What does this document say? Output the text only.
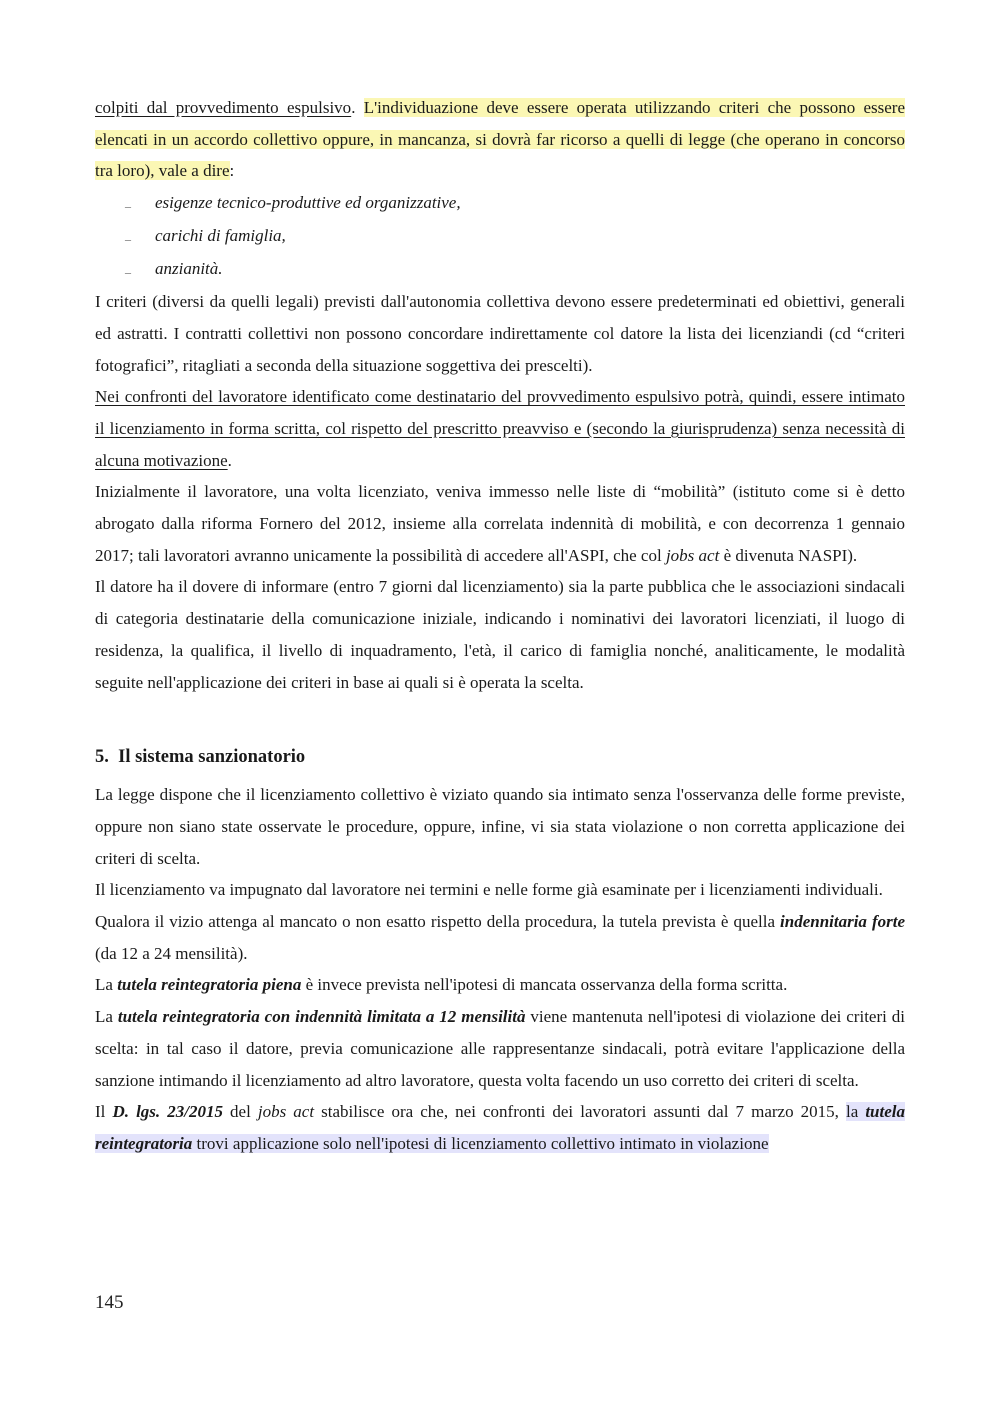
colpiti dal provvedimento espulsivo. L'individuazione deve essere operata utilizzando criteri che possono essere elencati in un accordo collettivo oppure, in mancanza, si dovrà far ricorso a quelli di legge (che operano in concorso tra loro), vale a dire:

_ esigenze tecnico-produttive ed organizzative,
_ carichi di famiglia,
_ anzianità.

I criteri (diversi da quelli legali) previsti dall'autonomia collettiva devono essere predeterminati ed obiettivi, generali ed astratti. I contratti collettivi non possono concordare indirettamente col datore la lista dei licenziandi (cd “criteri fotografici”, ritagliati a seconda della situazione soggettiva dei prescelti).

Nei confronti del lavoratore identificato come destinatario del provvedimento espulsivo potrà, quindi, essere intimato il licenziamento in forma scritta, col rispetto del prescritto preavviso e (secondo la giurisprudenza) senza necessità di alcuna motivazione.

Inizialmente il lavoratore, una volta licenziato, veniva immesso nelle liste di “mobilità” (istituto come si è detto abrogato dalla riforma Fornero del 2012, insieme alla correlata indennità di mobilità, e con decorrenza 1 gennaio 2017; tali lavoratori avranno unicamente la possibilità di accedere all'ASPI, che col jobs act è divenuta NASPI).

Il datore ha il dovere di informare (entro 7 giorni dal licenziamento) sia la parte pubblica che le associazioni sindacali di categoria destinatarie della comunicazione iniziale, indicando i nominativi dei lavoratori licenziati, il luogo di residenza, la qualifica, il livello di inquadramento, l'età, il carico di famiglia nonché, analiticamente, le modalità seguite nell'applicazione dei criteri in base ai quali si è operata la scelta.

5. Il sistema sanzionatorio

La legge dispone che il licenziamento collettivo è viziato quando sia intimato senza l'osservanza delle forme previste, oppure non siano state osservate le procedure, oppure, infine, vi sia stata violazione o non corretta applicazione dei criteri di scelta.

Il licenziamento va impugnato dal lavoratore nei termini e nelle forme già esaminate per i licenziamenti individuali.

Qualora il vizio attenga al mancato o non esatto rispetto della procedura, la tutela prevista è quella indennitaria forte (da 12 a 24 mensilità).

La tutela reintegratoria piena è invece prevista nell'ipotesi di mancata osservanza della forma scritta.

La tutela reintegratoria con indennità limitata a 12 mensilità viene mantenuta nell'ipotesi di violazione dei criteri di scelta: in tal caso il datore, previa comunicazione alle rappresentanze sindacali, potrà evitare l'applicazione della sanzione intimando il licenziamento ad altro lavoratore, questa volta facendo un uso corretto dei criteri di scelta.

Il D. lgs. 23/2015 del jobs act stabilisce ora che, nei confronti dei lavoratori assunti dal 7 marzo 2015, la tutela reintegratoria trovi applicazione solo nell'ipotesi di licenziamento collettivo intimato in violazione

145
